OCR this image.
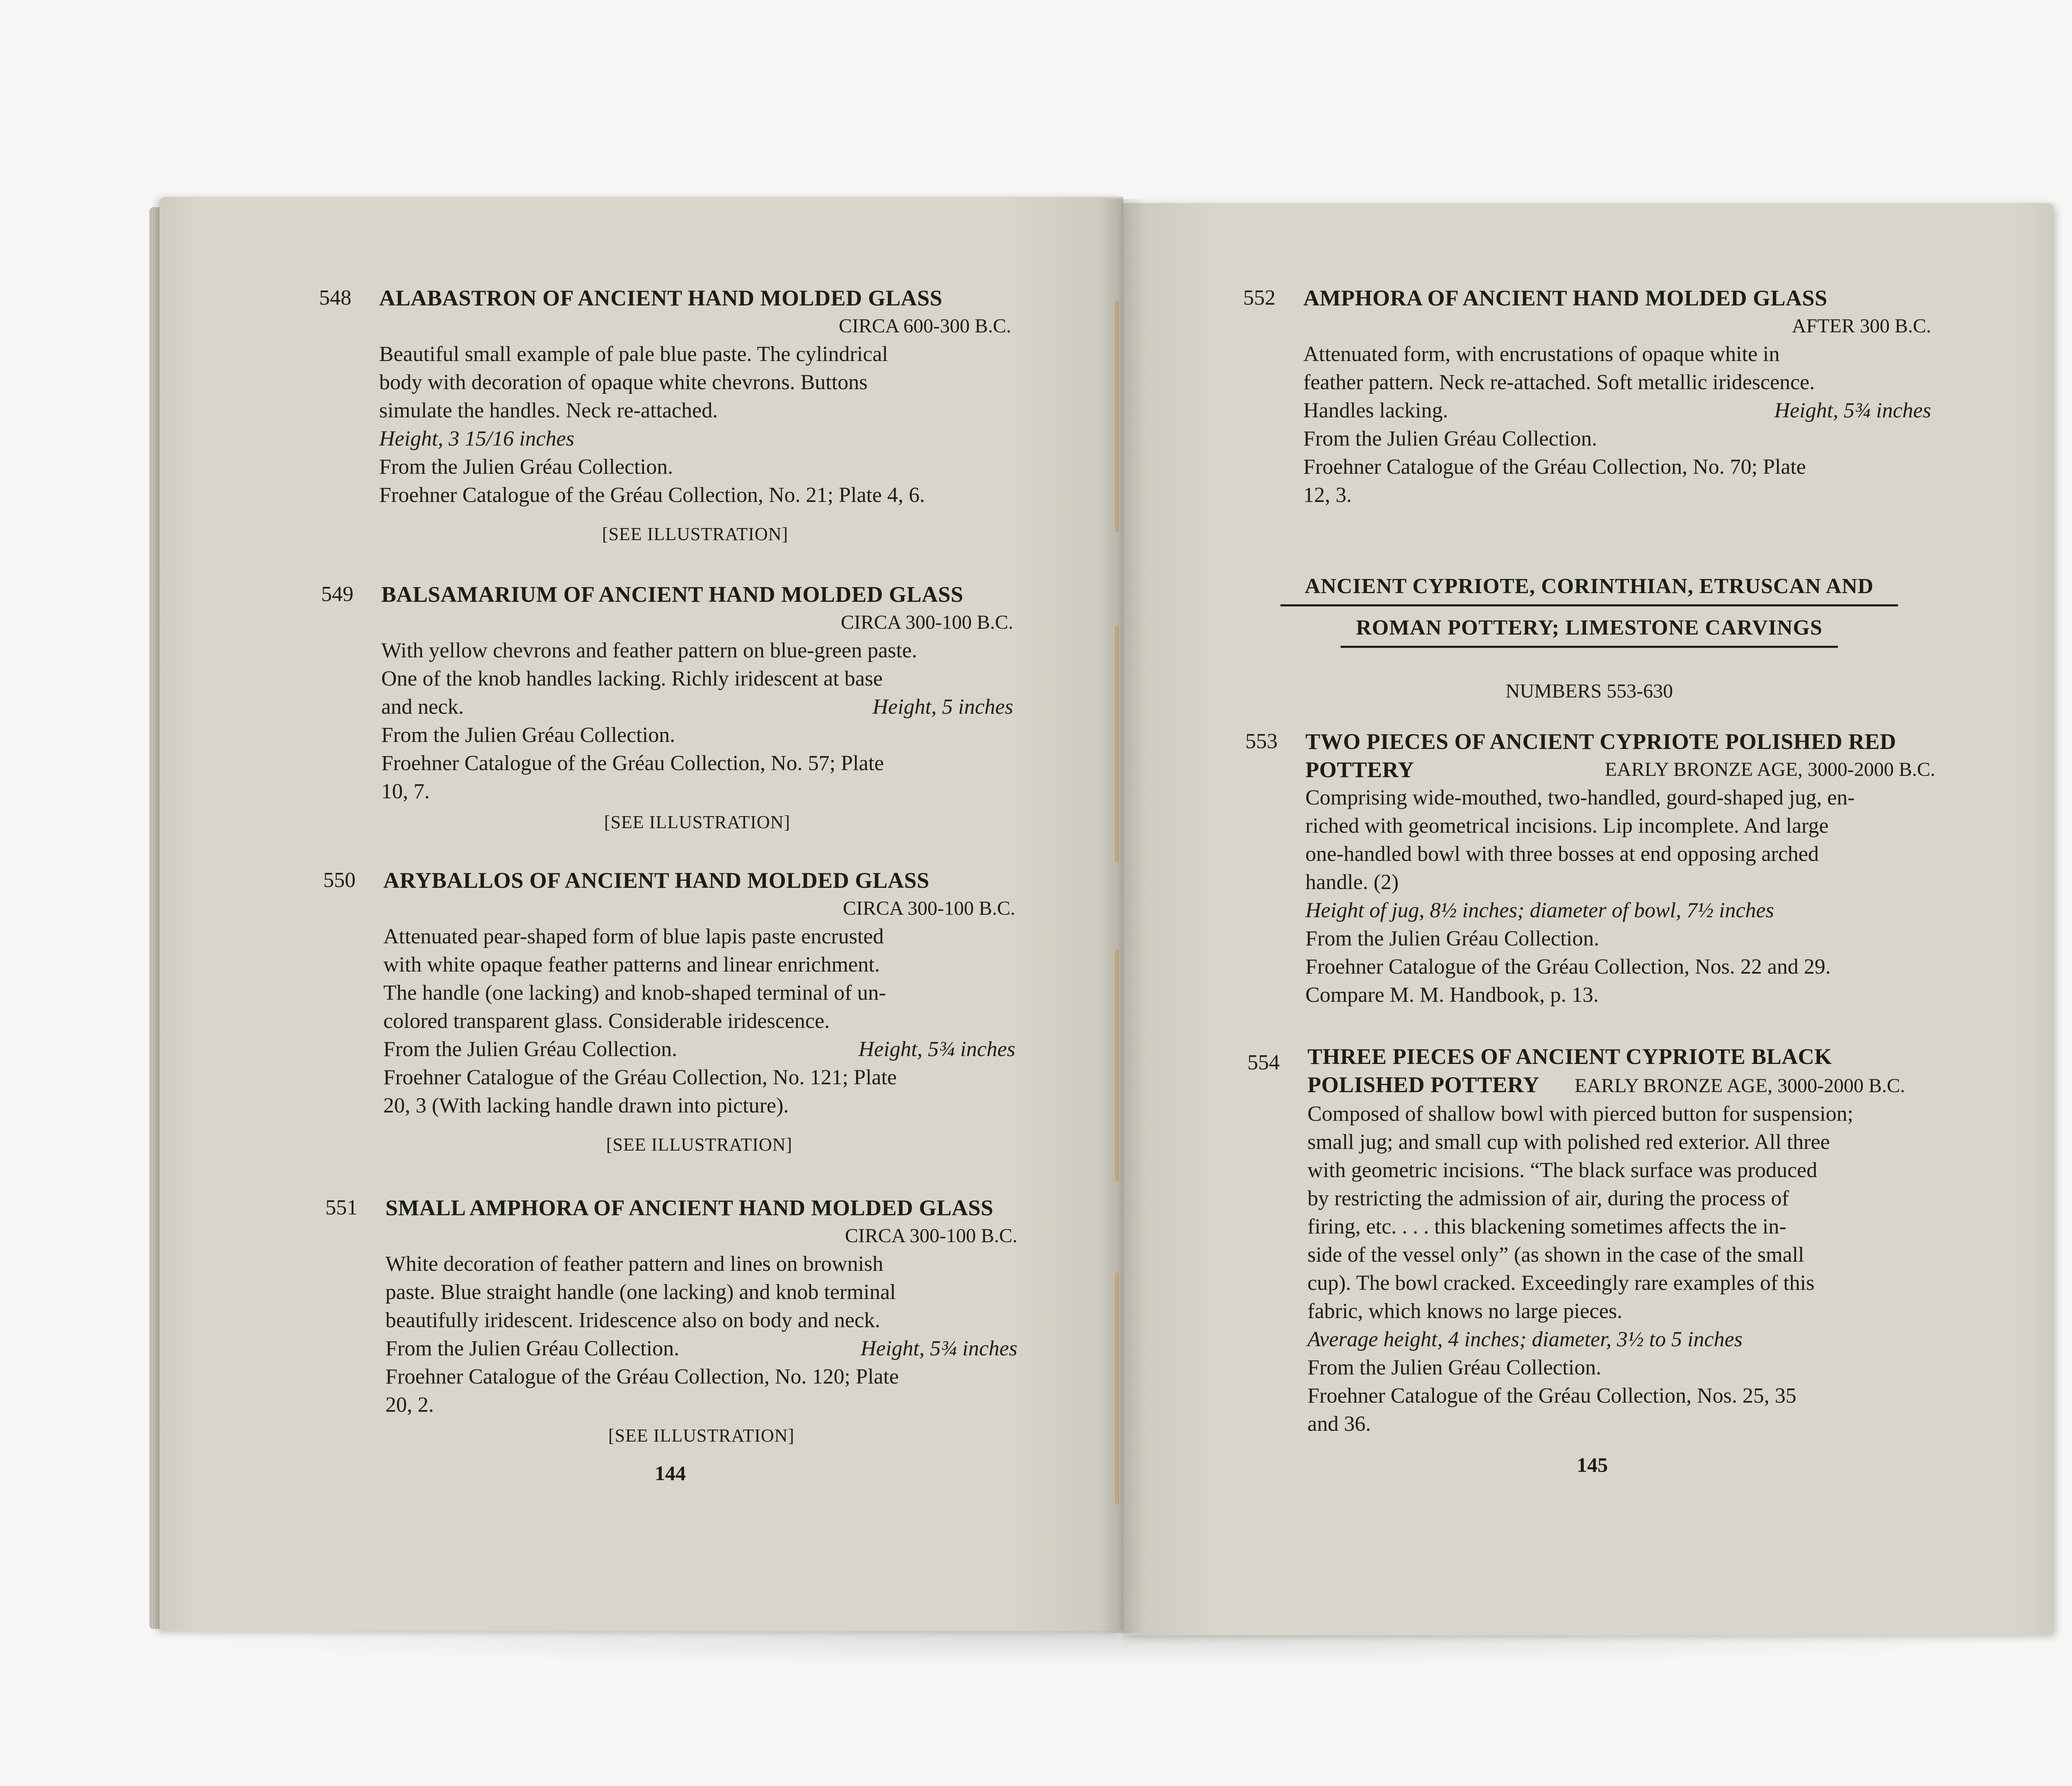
548 ALABASTRON OF ANCIENT HAND MOLDED GLASS
CIRCA 600-300 B.C.

Beautiful small example of pale blue paste. The cylindrical

body with decoration of opaque white chevrons. Buttons

simulate the handles. Neck re-attached.

Height, 3 15/16 inches

From the Julien Gréau Collection.

Froehner Catalogue of the Gréau Collection, No. 21; Plate 4, 6.

[SEE ILLUSTRATION]
549 BALSAMARIUM OF ANCIENT HAND MOLDED GLASS
CIRCA 300-100 B.C.

With yellow chevrons and feather pattern on blue-green paste.

One of the knob handles lacking. Richly iridescent at base

and neck.	Height, 5 inches

From the Julien Gréau Collection.

Froehner Catalogue of the Gréau Collection, No. 57; Plate

10, 7.

[SEE ILLUSTRATION]
550 ARYBALLOS OF ANCIENT HAND MOLDED GLASS
CIRCA 300-100 B.C.

Attenuated pear-shaped form of blue lapis paste encrusted

with white opaque feather patterns and linear enrichment.

The handle (one lacking) and knob-shaped terminal of un-

colored transparent glass. Considerable iridescence.

From the Julien Gréau Collection.	Height, 5¾ inches

Froehner Catalogue of the Gréau Collection, No. 121; Plate

20, 3 (With lacking handle drawn into picture).

[SEE ILLUSTRATION]
551 SMALL AMPHORA OF ANCIENT HAND MOLDED GLASS
CIRCA 300-100 B.C.

White decoration of feather pattern and lines on brownish

paste. Blue straight handle (one lacking) and knob terminal

beautifully iridescent. Iridescence also on body and neck.

From the Julien Gréau Collection.	Height, 5¾ inches

Froehner Catalogue of the Gréau Collection, No. 120; Plate

20, 2.

[SEE ILLUSTRATION]
144
552 AMPHORA OF ANCIENT HAND MOLDED GLASS
AFTER 300 B.C.

Attenuated form, with encrustations of opaque white in

feather pattern. Neck re-attached. Soft metallic iridescence.

Handles lacking.	Height, 5¾ inches

From the Julien Gréau Collection.

Froehner Catalogue of the Gréau Collection, No. 70; Plate

12, 3.

ANCIENT CYPRIOTE, CORINTHIAN, ETRUSCAN AND
ROMAN POTTERY; LIMESTONE CARVINGS
NUMBERS 553-630
553 TWO PIECES OF ANCIENT CYPRIOTE POLISHED RED
POTTERY	EARLY BRONZE AGE, 3000-2000 B.C.

Comprising wide-mouthed, two-handled, gourd-shaped jug, en-

riched with geometrical incisions. Lip incomplete. And large

one-handled bowl with three bosses at end opposing arched

handle. (2)

Height of jug, 8½ inches; diameter of bowl, 7½ inches

From the Julien Gréau Collection.

Froehner Catalogue of the Gréau Collection, Nos. 22 and 29.

Compare M. M. Handbook, p. 13.

554 THREE PIECES OF ANCIENT CYPRIOTE BLACK
POLISHED POTTERY EARLY BRONZE AGE, 3000-2000 B.C.

Composed of shallow bowl with pierced button for suspension;

small jug; and small cup with polished red exterior. All three

with geometric incisions. “The black surface was produced

by restricting the admission of air, during the process of

firing, etc. . . . this blackening sometimes affects the in-

side of the vessel only” (as shown in the case of the small

cup). The bowl cracked. Exceedingly rare examples of this

fabric, which knows no large pieces.

Average height, 4 inches; diameter, 3½ to 5 inches

From the Julien Gréau Collection.

Froehner Catalogue of the Gréau Collection, Nos. 25, 35

and 36.

145
